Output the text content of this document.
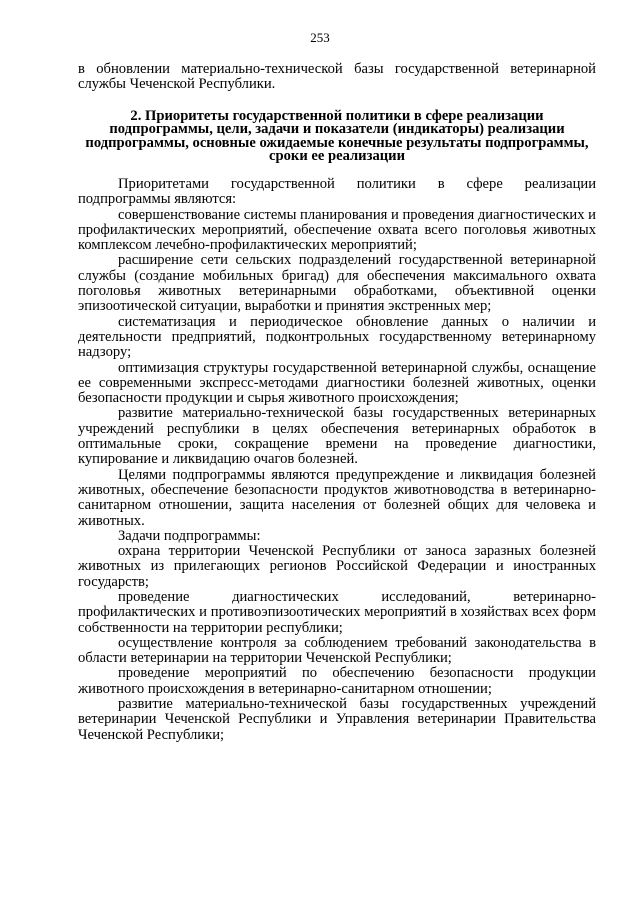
253

в обновлении материально-технической базы государственной ветеринарной службы Чеченской Республики.

2. Приоритеты государственной политики в сфере реализации подпрограммы, цели, задачи и показатели (индикаторы) реализации подпрограммы, основные ожидаемые конечные результаты подпрограммы, сроки ее реализации

Приоритетами государственной политики в сфере реализации подпрограммы являются:

совершенствование системы планирования и проведения диагностических и профилактических мероприятий, обеспечение охвата всего поголовья животных комплексом лечебно-профилактических мероприятий;

расширение сети сельских подразделений государственной ветеринарной службы (создание мобильных бригад) для обеспечения максимального охвата поголовья животных ветеринарными обработками, объективной оценки эпизоотической ситуации, выработки и принятия экстренных мер;

систематизация и периодическое обновление данных о наличии и деятельности предприятий, подконтрольных государственному ветеринарному надзору;

оптимизация структуры государственной ветеринарной службы, оснащение ее современными экспресс-методами диагностики болезней животных, оценки безопасности продукции и сырья животного происхождения;

развитие материально-технической базы государственных ветеринарных учреждений республики в целях обеспечения ветеринарных обработок в оптимальные сроки, сокращение времени на проведение диагностики, купирование и ликвидацию очагов болезней.

Целями подпрограммы являются предупреждение и ликвидация болезней животных, обеспечение безопасности продуктов животноводства в ветеринарно-санитарном отношении, защита населения от болезней общих для человека и животных.

Задачи подпрограммы:

охрана территории Чеченской Республики от заноса заразных болезней животных из прилегающих регионов Российской Федерации и иностранных государств;

проведение диагностических исследований, ветеринарно-профилактических и противоэпизоотических мероприятий в хозяйствах всех форм собственности на территории республики;

осуществление контроля за соблюдением требований законодательства в области ветеринарии на территории Чеченской Республики;

проведение мероприятий по обеспечению безопасности продукции животного происхождения в ветеринарно-санитарном отношении;

развитие материально-технической базы государственных учреждений ветеринарии Чеченской Республики и Управления ветеринарии Правительства Чеченской Республики;
